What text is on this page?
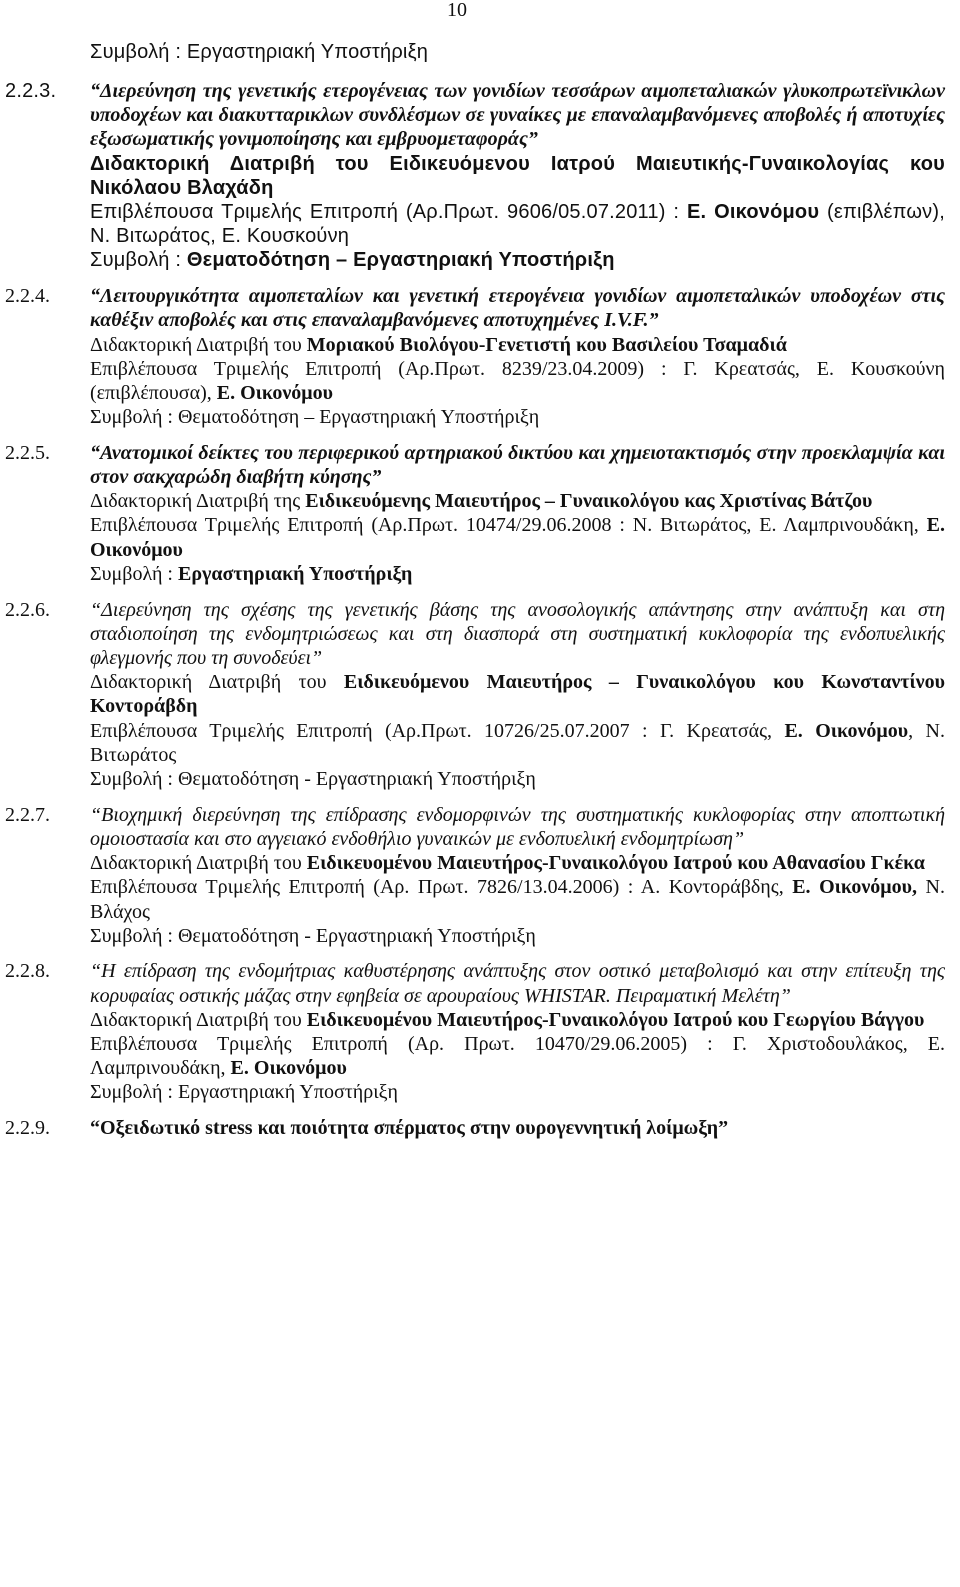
10
Συμβολή : Εργαστηριακή Υποστήριξη
2.2.3.	“Διερεύνηση της γενετικής ετερογένειας των γονιδίων τεσσάρων αιμοπεταλιακών γλυκοπρωτεϊνικλων υποδοχέων και διακυτταρικλων συνδλέσμων σε γυναίκες με επαναλαμβανόμενες αποβολές ή αποτυχίες εξωσωματικής γονιμοποίησης και εμβρυομεταφοράς”
Διδακτορική Διατριβή του Ειδικευόμενου Ιατρού Μαιευτικής-Γυναικολογίας κου Νικόλαου Βλαχάδη
Επιβλέπουσα Τριμελής Επιτροπή (Αρ.Πρωτ. 9606/05.07.2011) : Ε. Οικονόμου (επιβλέπων), Ν. Βιτωράτος, Ε. Κουσκούνη
Συμβολή : Θεματοδότηση – Εργαστηριακή Υποστήριξη
2.2.4.	“Λειτουργικότητα αιμοπεταλίων και γενετική ετερογένεια γονιδίων αιμοπεταλικών υποδοχέων στις καθέξιν αποβολές και στις επαναλαμβανόμενες αποτυχημένες I.V.F.”
Διδακτορική Διατριβή του Μοριακού Βιολόγου-Γενετιστή κου Βασιλείου Τσαμαδιά
Επιβλέπουσα Τριμελής Επιτροπή (Αρ.Πρωτ. 8239/23.04.2009) : Γ. Κρεατσάς, Ε. Κουσκούνη (επιβλέπουσα), Ε. Οικονόμου
Συμβολή : Θεματοδότηση – Εργαστηριακή Υποστήριξη
2.2.5.	“Ανατομικοί δείκτες του περιφερικού αρτηριακού δικτύου και χημειοτακτισμός στην προεκλαμψία και στον σακχαρώδη διαβήτη κύησης”
Διδακτορική Διατριβή της Ειδικευόμενης Μαιευτήρος – Γυναικολόγου κας Χριστίνας Βάτζου
Επιβλέπουσα Τριμελής Επιτροπή (Αρ.Πρωτ. 10474/29.06.2008 : Ν. Βιτωράτος, Ε. Λαμπρινουδάκη, Ε. Οικονόμου
Συμβολή : Εργαστηριακή Υποστήριξη
2.2.6.	“Διερεύνηση της σχέσης της γενετικής βάσης της ανοσολογικής απάντησης στην ανάπτυξη και στη σταδιοποίηση της ενδομητριώσεως και στη διασπορά στη συστηματική κυκλοφορία της ενδοπυελικής φλεγμονής που τη συνοδεύει”
Διδακτορική Διατριβή του Ειδικευόμενου Μαιευτήρος – Γυναικολόγου κου Κωνσταντίνου Κοντοράβδη
Επιβλέπουσα Τριμελής Επιτροπή (Αρ.Πρωτ. 10726/25.07.2007 : Γ. Κρεατσάς, Ε. Οικονόμου, Ν. Βιτωράτος
Συμβολή : Θεματοδότηση - Εργαστηριακή Υποστήριξη
2.2.7.	“Βιοχημική διερεύνηση της επίδρασης ενδομορφινών της συστηματικής κυκλοφορίας στην αποπτωτική ομοιοστασία και στο αγγειακό ενδοθήλιο γυναικών με ενδοπυελική ενδομητρίωση”
Διδακτορική Διατριβή του Ειδικευομένου Μαιευτήρος-Γυναικολόγου Ιατρού κου Αθανασίου Γκέκα
Επιβλέπουσα Τριμελής Επιτροπή (Αρ. Πρωτ. 7826/13.04.2006) : Α. Κοντοράβδης, Ε. Οικονόμου, Ν. Βλάχος
Συμβολή : Θεματοδότηση - Εργαστηριακή Υποστήριξη
2.2.8.	“Η επίδραση της ενδομήτριας καθυστέρησης ανάπτυξης στον οστικό μεταβολισμό και στην επίτευξη της κορυφαίας οστικής μάζας στην εφηβεία σε αρουραίους WHISTAR. Πειραματική Μελέτη”
Διδακτορική Διατριβή του Ειδικευομένου Μαιευτήρος-Γυναικολόγου Ιατρού κου Γεωργίου Βάγγου
Επιβλέπουσα Τριμελής Επιτροπή (Αρ. Πρωτ. 10470/29.06.2005) : Γ. Χριστοδουλάκος, Ε. Λαμπρινουδάκη, Ε. Οικονόμου
Συμβολή : Εργαστηριακή Υποστήριξη
2.2.9.	“Οξειδωτικό stress και ποιότητα σπέρματος στην ουρογεννητική λοίμωξη”
